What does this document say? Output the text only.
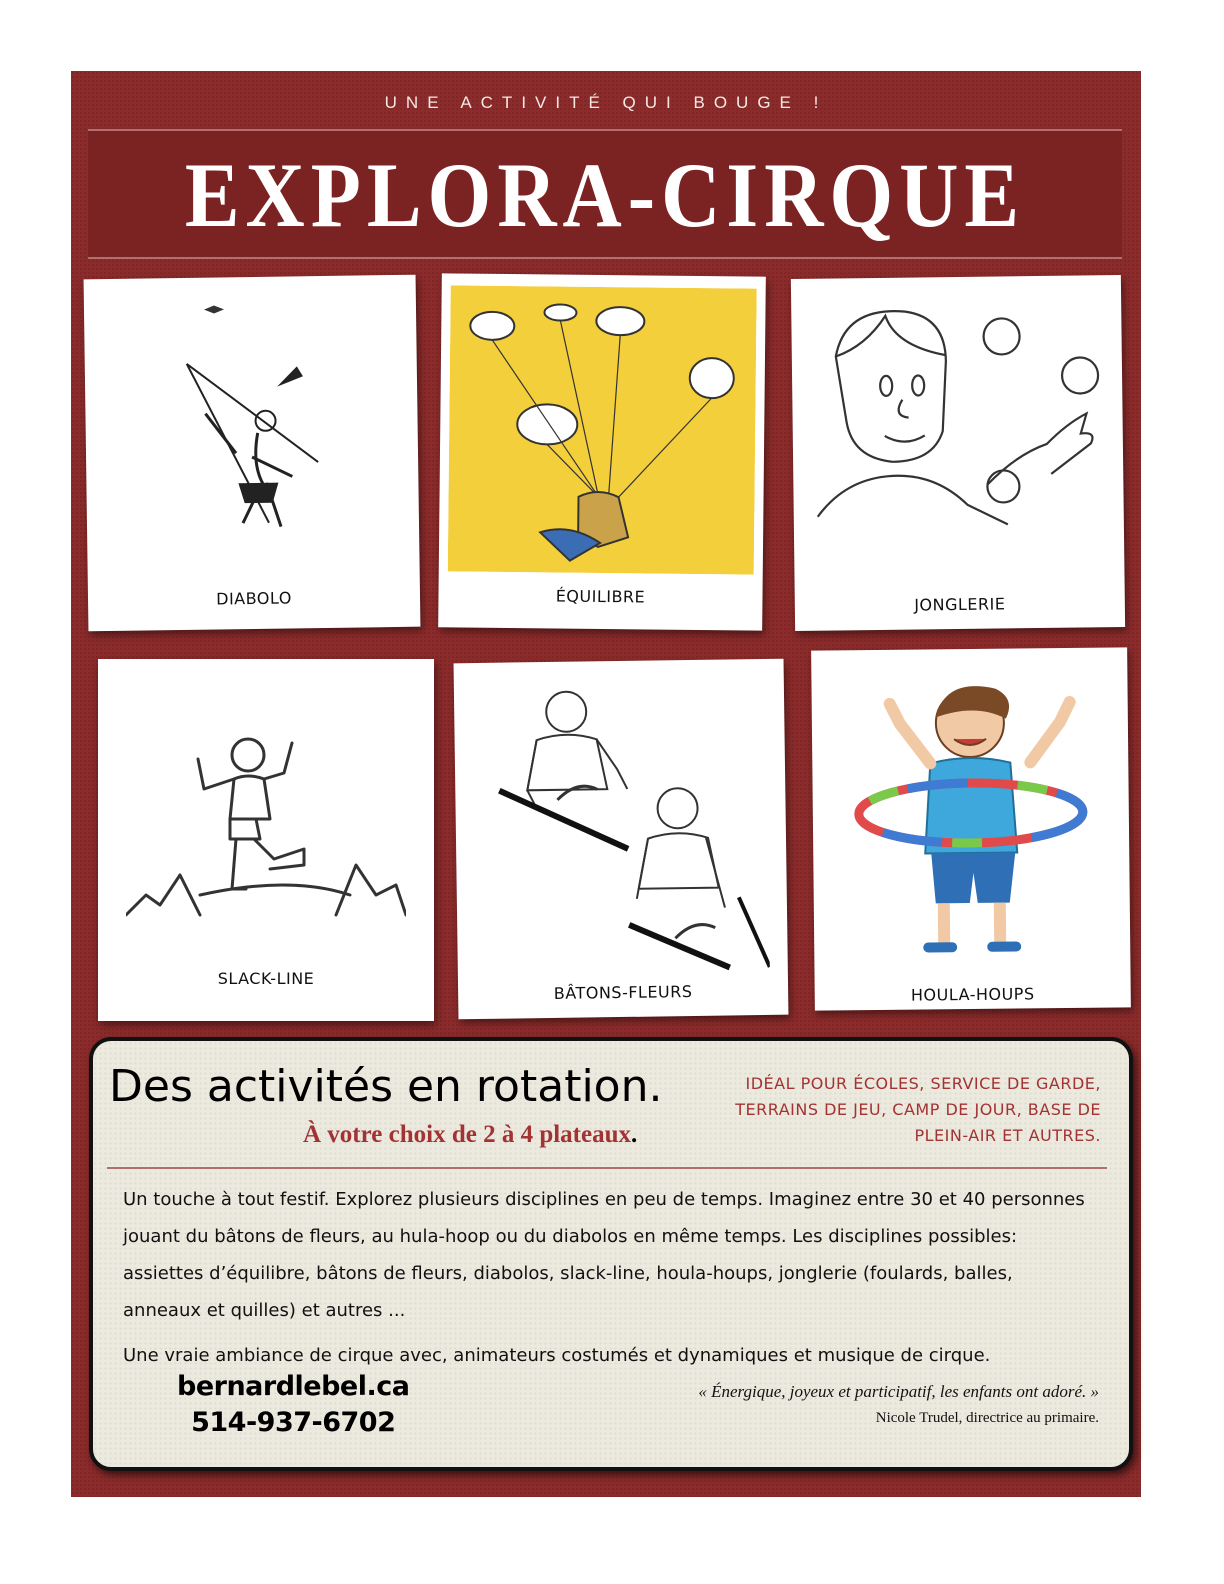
UNE ACTIVITÉ QUI BOUGE !
EXPLORA-CIRQUE
DIABOLO	ÉQUILIBRE	JONGLERIE
SLACK-LINE
BÂTONS-FLEURS	HOULA-HOUPS
Des activités en rotation.
À votre choix de 2 à 4 plateaux.
IDÉAL POUR ÉCOLES, SERVICE DE GARDE, TERRAINS DE JEU, CAMP DE JOUR, BASE DE PLEIN-AIR ET AUTRES.

Un touche à tout festif. Explorez plusieurs disciplines en peu de temps. Imaginez entre 30 et 40 personnes jouant du bâtons de fleurs, au hula-hoop ou du diabolos en même temps. Les disciplines possibles: assiettes d’équilibre, bâtons de fleurs, diabolos, slack-line, houla-houps, jonglerie (foulards, balles, anneaux et quilles) et autres ...

Une vraie ambiance de cirque avec, animateurs costumés et dynamiques et musique de cirque.

bernardlebel.ca
514-937-6702
« Énergique, joyeux et participatif, les enfants ont adoré. »
Nicole Trudel, directrice au primaire.
